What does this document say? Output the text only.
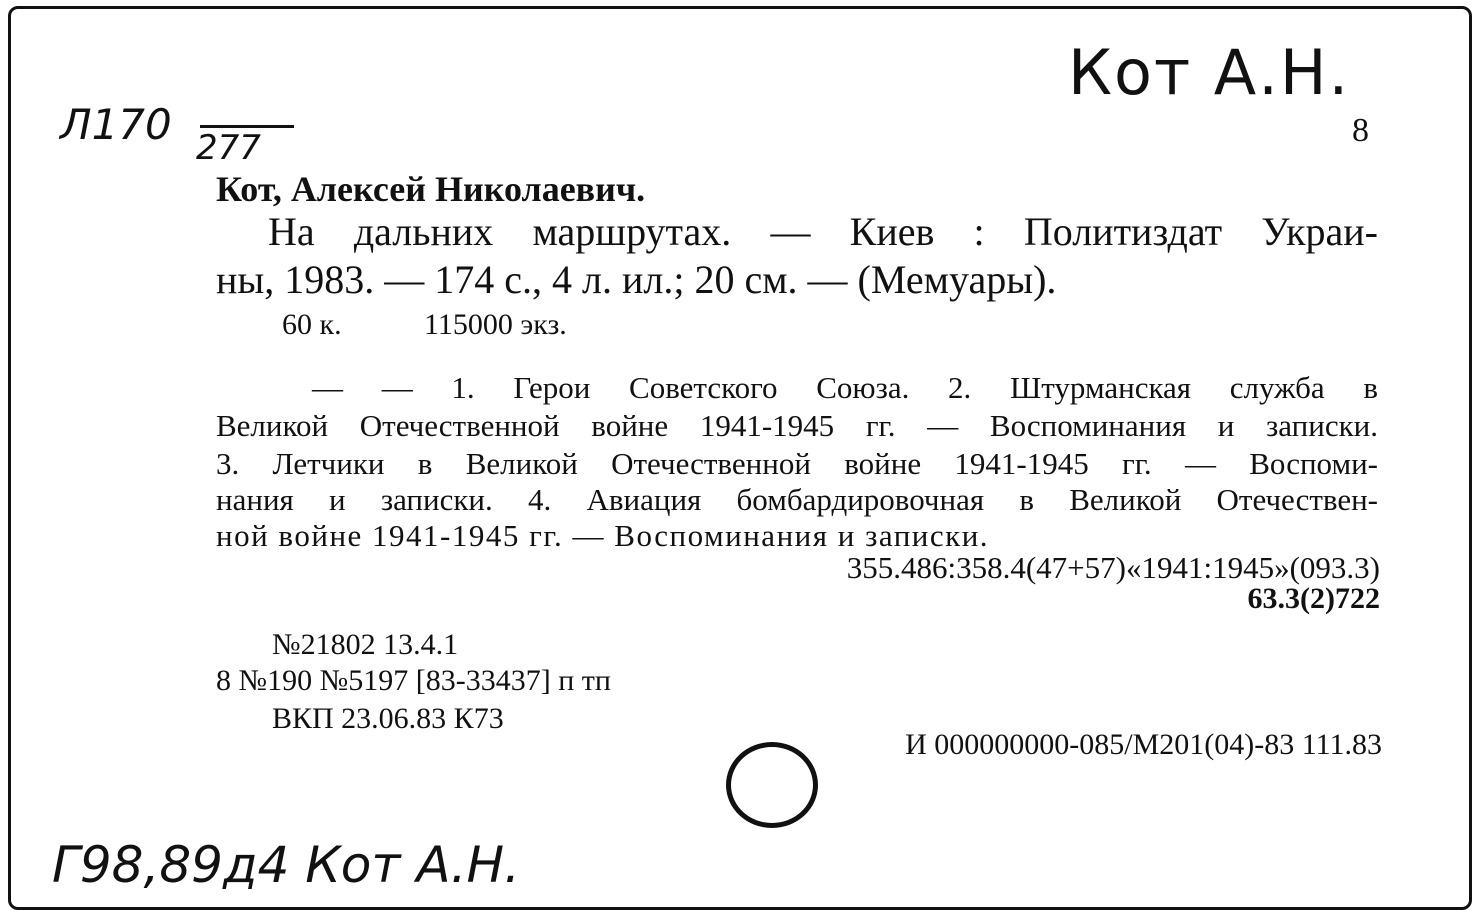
Кот А.Н.
Л170 277
Г98,89д4 Кот А.Н.
8
Кот, Алексей Николаевич.
На дальних маршрутах. — Киев : Политиздат Украи-
ны, 1983. — 174 с., 4 л. ил.; 20 см. — (Мемуары).
60 к.	115000 экз.
— — 1. Герои Советского Союза. 2. Штурманская служба в
Великой Отечественной войне 1941-1945 гг. — Воспоминания и записки.
3. Летчики в Великой Отечественной войне 1941-1945 гг. — Воспоми-
нания и записки. 4. Авиация бомбардировочная в Великой Отечествен-
ной войне 1941-1945 гг. — Воспоминания и записки.
355.486:358.4(47+57)«1941:1945»(093.3)
63.3(2)722
№21802 13.4.1
8 №190 №5197 [83-33437] п тп
ВКП 23.06.83 К73
И 000000000-085/М201(04)-83 111.83
